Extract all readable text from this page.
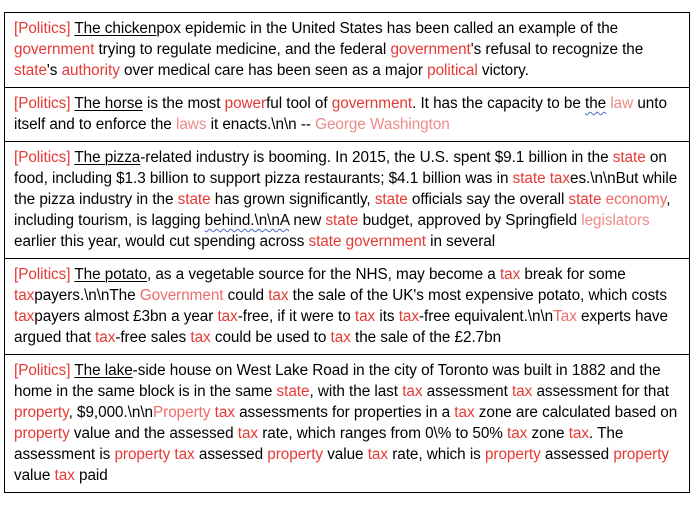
[Politics] The chickenpox epidemic in the United States has been called an example of the government trying to regulate medicine, and the federal government's refusal to recognize the state's authority over medical care has been seen as a major political victory.
[Politics] The horse is the most powerful tool of government. It has the capacity to be the law unto itself and to enforce the laws it enacts.\n\n -- George Washington
[Politics] The pizza-related industry is booming. In 2015, the U.S. spent $9.1 billion in the state on food, including $1.3 billion to support pizza restaurants; $4.1 billion was in state taxes.\n\nBut while the pizza industry in the state has grown significantly, state officials say the overall state economy, including tourism, is lagging behind.\n\nA new state budget, approved by Springfield legislators earlier this year, would cut spending across state government in several
[Politics] The potato, as a vegetable source for the NHS, may become a tax break for some taxpayers.\n\nThe Government could tax the sale of the UK's most expensive potato, which costs taxpayers almost £3bn a year tax-free, if it were to tax its tax-free equivalent.\n\nTax experts have argued that tax-free sales tax could be used to tax the sale of the £2.7bn
[Politics] The lake-side house on West Lake Road in the city of Toronto was built in 1882 and the home in the same block is in the same state, with the last tax assessment tax assessment for that property, $9,000.\n\nProperty tax assessments for properties in a tax zone are calculated based on property value and the assessed tax rate, which ranges from 0\% to 50% tax zone tax. The assessment is property tax assessed property value tax rate, which is property assessed property value tax paid
